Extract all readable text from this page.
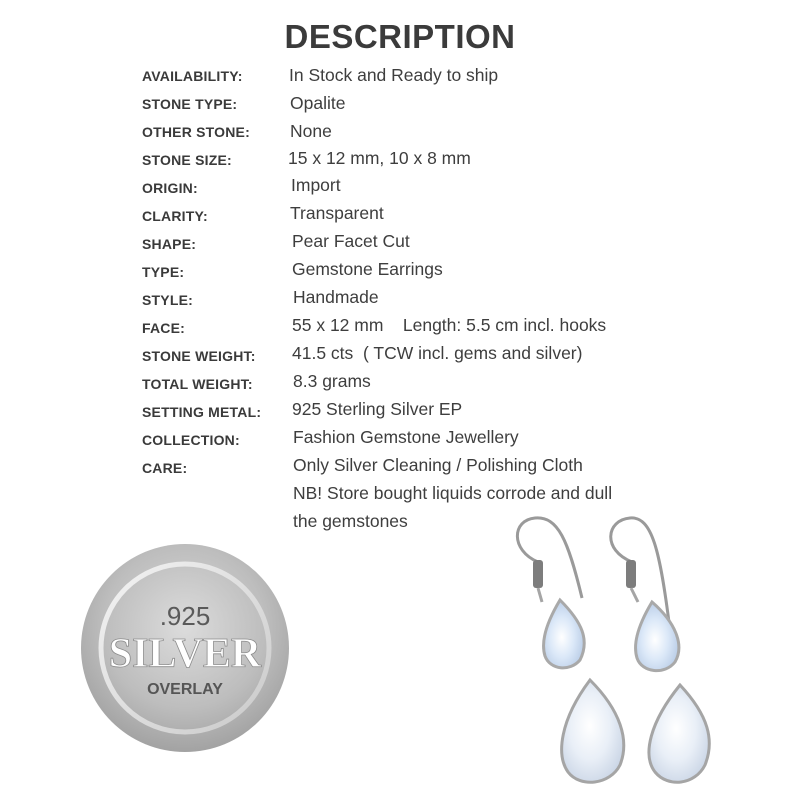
DESCRIPTION
AVAILABILITY:	In Stock and Ready to ship
STONE TYPE:	Opalite
OTHER STONE: None
STONE SIZE:	15 x 12 mm, 10 x 8 mm
ORIGIN:	Import
CLARITY:	Transparent
SHAPE:	Pear Facet Cut
TYPE:	Gemstone Earrings
STYLE:	Handmade
FACE:	55 x 12 mm    Length: 5.5 cm incl. hooks
STONE WEIGHT: 41.5 cts  ( TCW incl. gems and silver)
TOTAL WEIGHT: 8.3 grams
SETTING METAL: 925 Sterling Silver EP
COLLECTION:	Fashion Gemstone Jewellery
CARE:	Only Silver Cleaning / Polishing Cloth
NB! Store bought liquids corrode and dull
the gemstones
.925
SILVER
OVERLAY
